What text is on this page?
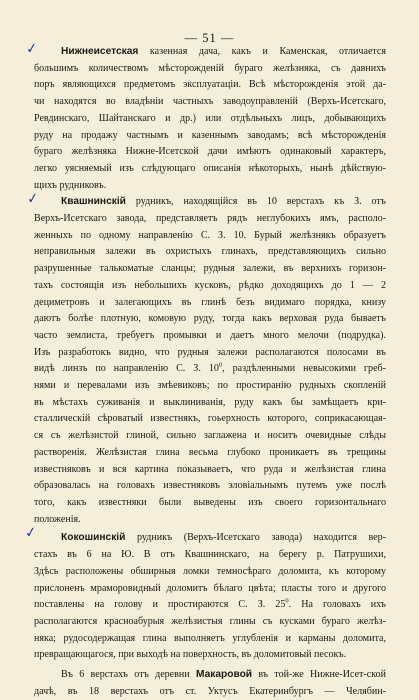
— 51 —
✓
✓
✓
Нижнеисетская казенная дача, какъ и Каменская, отличается
большимъ количествомъ мѣсторожденій бураго желѣзняка, съ давнихъ
поръ являющихся предметомъ эксплуатаціи. Всѣ мѣсторожденія этой да-
чи находятся во владѣніи частныхъ заводоуправленій (Верхъ-Исетскаго,
Ревдинскаго, Шайтанскаго и др.) или отдѣльныхъ лицъ, добывающихъ
руду на продажу частнымъ и казеннымъ заводамъ; всѣ мѣсторожденія
бураго желѣзняка Нижне-Исетской дачи имѣютъ одинаковый характеръ,
легко уясняемый изъ слѣдующаго описанія нѣкоторыхъ, нынѣ дѣйствую-
щихъ рудниковъ.
Квашнинскій рудникъ, находящійся въ 10 верстахъ къ З. отъ
Верхъ-Исетскаго завода, представляетъ рядъ неглубокихъ ямъ, располо-
женныхъ по одному направленію С. З. 10. Бурый желѣзнякъ образуетъ
неправильныя залежи въ охристыхъ глинахъ, представляющихъ сильно
разрушенные талькоматые сланцы; рудныя залежи, въ верхнихъ горизон-
тахъ состоящія изъ небольшихъ кусковъ, рѣдко доходящихъ до 1 — 2
дециметровъ и залегающихъ въ глинѣ безъ видимаго порядка, книзу
даютъ болѣе плотную, комовую руду, тогда какъ верховая руда бываетъ
часто землиста, требуетъ промывки и даетъ много мелочи (подрудка).
Изъ разработокъ видно, что рудныя залежи располагаются полосами въ
видѣ линзъ по направленію С. З. $10^0$, раздѣленными невысокими греб-
нями и перевалами изъ змѣевиковъ; по простиранію рудныхъ скопленій
въ мѣстахъ суживанія и выклиниванія, руду какъ бы замѣщаетъ кри-
сталлическій сѣроватый известнякъ, гоьерхность которого, соприкасающая-
ся съ желѣзистой глиной, сильно заглажена и носитъ очевидные слѣды
растворенія. Желѣзистая глина весьма глубоко проникаетъ въ трещины
известняковъ и вся картина показываетъ, что руда и желѣзистая глина
образовалась на головахъ известняковъ эловіальнымъ путемъ уже послѣ
того, какъ известняки были выведены изъ своего горизонтальнаго
положенія.
Кокошинскій рудникъ (Верхъ-Исетскаго завода) находится вер-
стахъ въ 6 на Ю. В отъ Квашнинскаго, на берегу р. Патрушихи,
Здѣсь расположены обширныя ломки темносѣраго доломита, къ которому
прислоненъ мраморовидный доломитъ бѣлаго цвѣта; пласты того и другого
поставлены на голову и простираются С. З. $25^0$. На головахъ ихъ
располагаются красноабурыя желѣзистыя глины съ кусками бураго желѣз-
няка; рудосодержащая глина выполняетъ углубленія и карманы доломита,
превращающагося, при выходѣ на поверхность, въ доломитовый песокъ.
Въ 6 верстахъ отъ деревни Макаровой въ той-же Нижне-Исет-ской
дачѣ, въ 18 верстахъ отъ ст. Уктусъ Екатеринбургъ — Челябин-
